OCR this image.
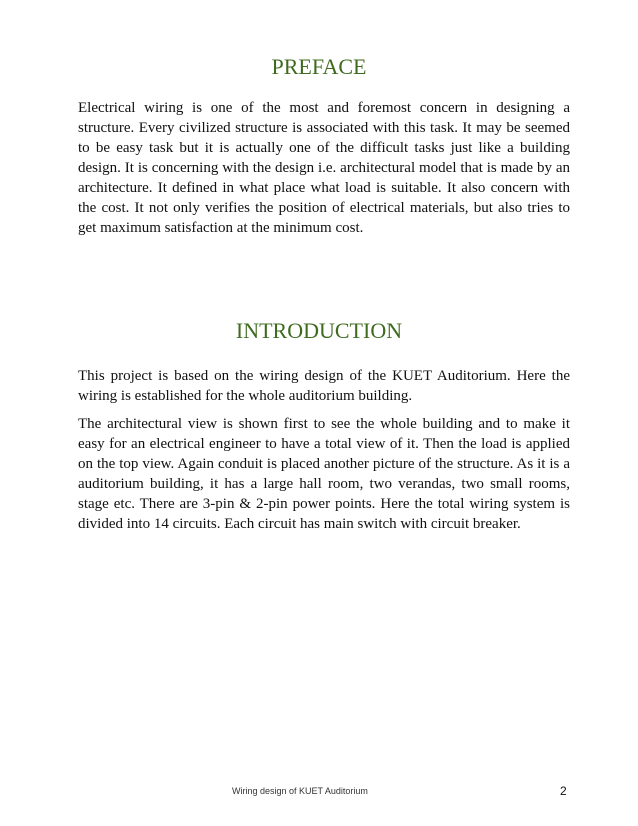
PREFACE

Electrical wiring is one of the most and foremost concern in designing a structure. Every civilized structure is associated with this task. It may be seemed to be easy task but it is actually one of the difficult tasks just like a building design. It is concerning with the design i.e. architectural model that is made by an architecture. It defined in what place what load is suitable. It also concern with the cost. It not only verifies the position of electrical materials, but also tries to get maximum satisfaction at the minimum cost.

INTRODUCTION

This project is based on the wiring design of the KUET Auditorium. Here the wiring is established for the whole auditorium building.

The architectural view is shown first to see the whole building and to make it easy for an electrical engineer to have a total view of it. Then the load is applied on the top view. Again conduit is placed another picture of the structure. As it is a auditorium building, it has a large hall room, two verandas, two small rooms, stage etc. There are 3-pin & 2-pin power points. Here the total wiring system is divided into 14 circuits. Each circuit has main switch with circuit breaker.

Wiring design of KUET Auditorium	2
